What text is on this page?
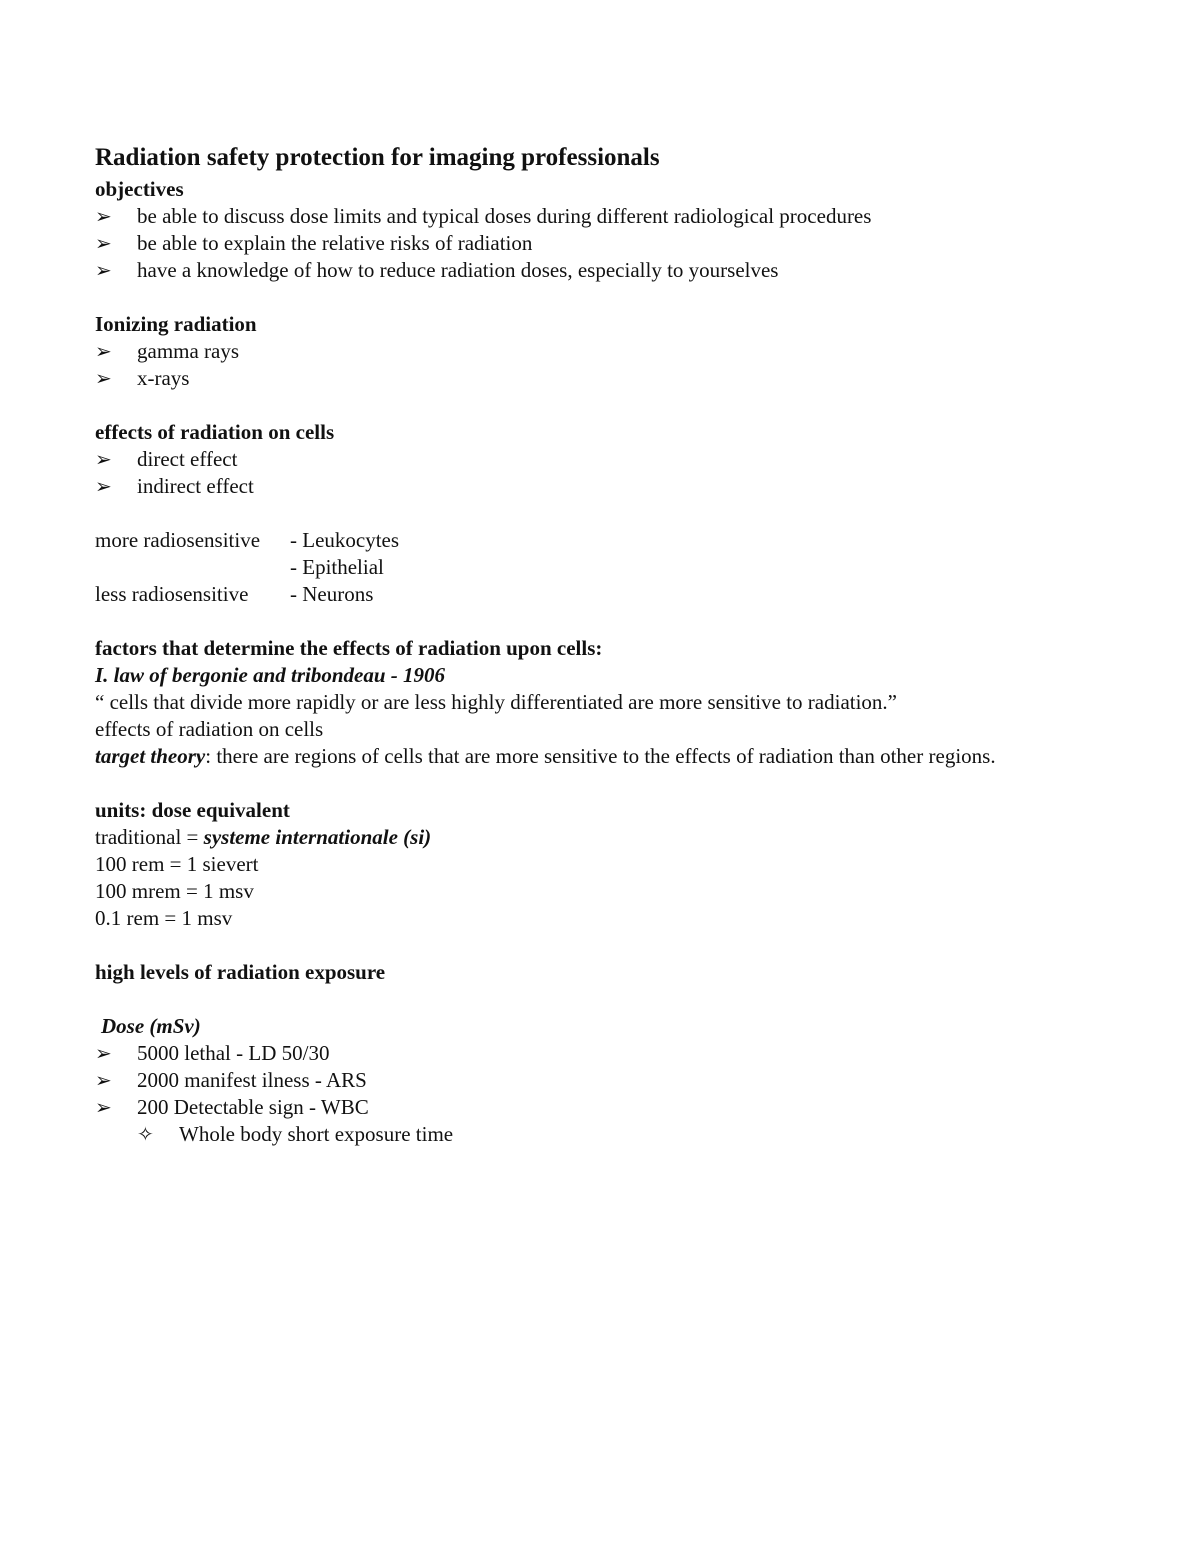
Radiation safety protection for imaging professionals
objectives
➢	be able to discuss dose limits and typical doses during different radiological procedures
➢	be able to explain the relative risks of radiation
➢	have a knowledge of how to reduce radiation doses, especially to yourselves
Ionizing radiation
➢	gamma rays
➢	x-rays
effects of radiation on cells
➢	direct effect
➢	indirect effect
more radiosensitive	- Leukocytes
- Epithelial
less radiosensitive	- Neurons
factors that determine the effects of radiation upon cells:
I. law of bergonie and tribondeau - 1906
“ cells that divide more rapidly or are less highly differentiated are more sensitive to radiation.”
effects of radiation on cells
target theory: there are regions of cells that are more sensitive to the effects of radiation than other regions.
units: dose equivalent
traditional = systeme internationale (si)
100 rem = 1 sievert
100 mrem = 1 msv
0.1 rem = 1 msv
high levels of radiation exposure
Dose (mSv)
➢	5000 lethal - LD 50/30
➢	2000 manifest ilness - ARS
➢	200 Detectable sign - WBC
✧	Whole body short exposure time
